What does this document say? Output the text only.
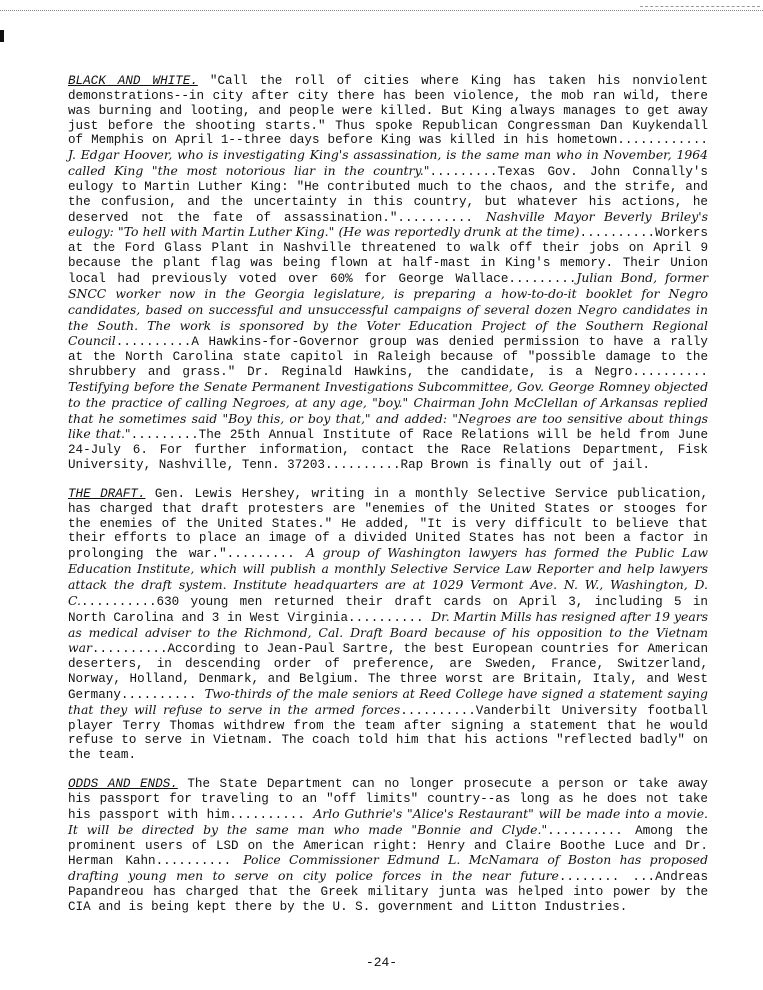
BLACK AND WHITE. "Call the roll of cities where King has taken his nonviolent demonstrations--in city after city there has been violence, the mob ran wild, there was burning and looting, and people were killed. But King always manages to get away just before the shooting starts." Thus spoke Republican Congressman Dan Kuykendall of Memphis on April 1--three days before King was killed in his hometown............ J. Edgar Hoover, who is investigating King's assassination, is the same man who in November, 1964 called King "the most notorious liar in the country.".........Texas Gov. John Connally's eulogy to Martin Luther King: "He contributed much to the chaos, and the strife, and the confusion, and the uncertainty in this country, but whatever his actions, he deserved not the fate of assassination.".......... Nashville Mayor Beverly Briley's eulogy: "To hell with Martin Luther King." (He was reportedly drunk at the time)..........Workers at the Ford Glass Plant in Nashville threatened to walk off their jobs on April 9 because the plant flag was being flown at half-mast in King's memory. Their Union local had previously voted over 60% for George Wallace.........Julian Bond, former SNCC worker now in the Georgia legislature, is preparing a how-to-do-it booklet for Negro candidates, based on successful and unsuccessful campaigns of several dozen Negro candidates in the South. The work is sponsored by the Voter Education Project of the Southern Regional Council..........A Hawkins-for-Governor group was denied permission to have a rally at the North Carolina state capitol in Raleigh because of "possible damage to the shrubbery and grass." Dr. Reginald Hawkins, the candidate, is a Negro.......... Testifying before the Senate Permanent Investigations Subcommittee, Gov. George Romney objected to the practice of calling Negroes, at any age, "boy." Chairman John McClellan of Arkansas replied that he sometimes said "Boy this, or boy that," and added: "Negroes are too sensitive about things like that.".........The 25th Annual Institute of Race Relations will be held from June 24-July 6. For further information, contact the Race Relations Department, Fisk University, Nashville, Tenn. 37203..........Rap Brown is finally out of jail.

THE DRAFT. Gen. Lewis Hershey, writing in a monthly Selective Service publication, has charged that draft protesters are "enemies of the United States or stooges for the enemies of the United States." He added, "It is very difficult to believe that their efforts to place an image of a divided United States has not been a factor in prolonging the war."......... A group of Washington lawyers has formed the Public Law Education Institute, which will publish a monthly Selective Service Law Reporter and help lawyers attack the draft system. Institute headquarters are at 1029 Vermont Ave. N. W., Washington, D. C...........630 young men returned their draft cards on April 3, including 5 in North Carolina and 3 in West Virginia.......... Dr. Martin Mills has resigned after 19 years as medical adviser to the Richmond, Cal. Draft Board because of his opposition to the Vietnam war..........According to Jean-Paul Sartre, the best European countries for American deserters, in descending order of preference, are Sweden, France, Switzerland, Norway, Holland, Denmark, and Belgium. The three worst are Britain, Italy, and West Germany.......... Two-thirds of the male seniors at Reed College have signed a statement saying that they will refuse to serve in the armed forces..........Vanderbilt University football player Terry Thomas withdrew from the team after signing a statement that he would refuse to serve in Vietnam. The coach told him that his actions "reflected badly" on the team.

ODDS AND ENDS. The State Department can no longer prosecute a person or take away his passport for traveling to an "off limits" country--as long as he does not take his passport with him.......... Arlo Guthrie's "Alice's Restaurant" will be made into a movie. It will be directed by the same man who made "Bonnie and Clyde.".......... Among the prominent users of LSD on the American right: Henry and Claire Boothe Luce and Dr. Herman Kahn.......... Police Commissioner Edmund L. McNamara of Boston has proposed drafting young men to serve on city police forces in the near future........ ...Andreas Papandreou has charged that the Greek military junta was helped into power by the CIA and is being kept there by the U. S. government and Litton Industries.

-24-
